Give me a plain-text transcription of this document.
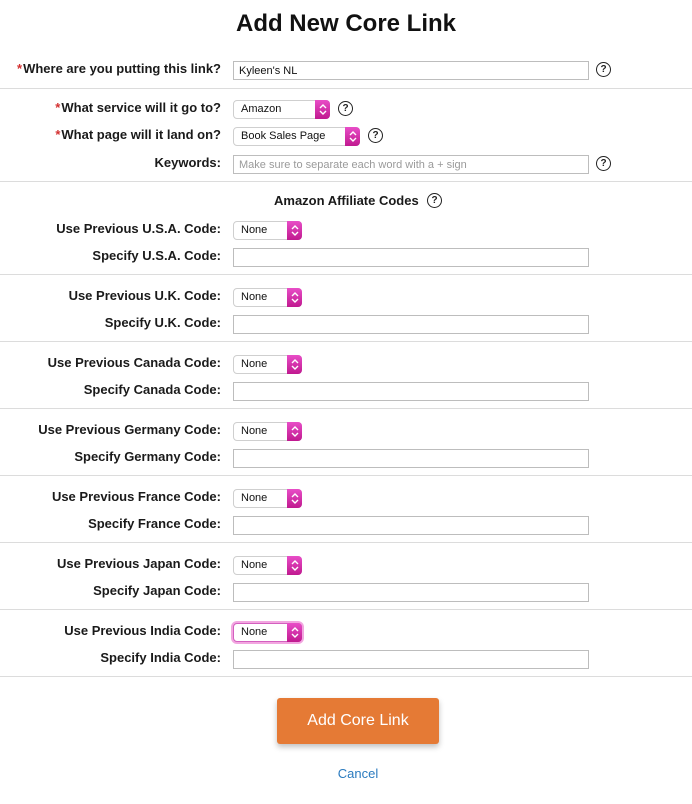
Add New Core Link
*Where are you putting this link?
Kyleen's NL	?
*What service will it go to?	Amazon	?
*What page will it land on?	Book Sales Page	?
Keywords:
Make sure to separate each word with a + sign	?
Amazon Affiliate Codes	?
Use Previous U.S.A. Code:	None
Specify U.S.A. Code:
Use Previous U.K. Code:	None
Specify U.K. Code:
Use Previous Canada Code:	None
Specify Canada Code:
Use Previous Germany Code:	None
Specify Germany Code:
Use Previous France Code:	None
Specify France Code:
Use Previous Japan Code:	None
Specify Japan Code:
Use Previous India Code:	None
Specify India Code:
Add Core Link
Cancel
